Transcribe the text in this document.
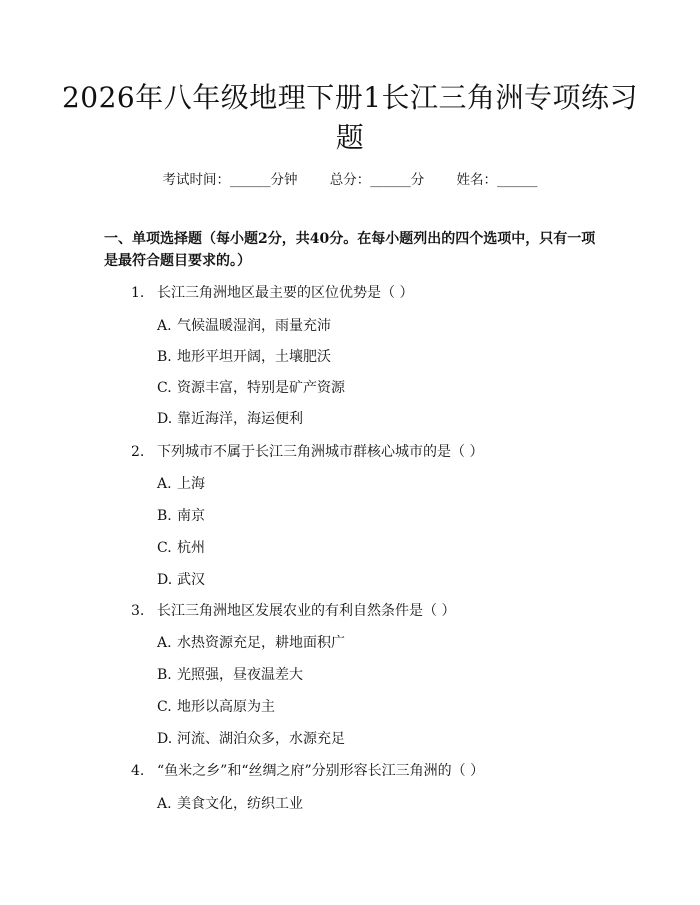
2026年八年级地理下册1长江三角洲专项练习题
考试时间：______分钟 总分：______分 姓名：______
一、单项选择题（每小题2分，共40分。在每小题列出的四个选项中，只有一项是最符合题目要求的。）
1. 长江三角洲地区最主要的区位优势是（ ）
A. 气候温暖湿润，雨量充沛
B. 地形平坦开阔，土壤肥沃
C. 资源丰富，特别是矿产资源
D. 靠近海洋，海运便利
2. 下列城市不属于长江三角洲城市群核心城市的是（ ）
A. 上海
B. 南京
C. 杭州
D. 武汉
3. 长江三角洲地区发展农业的有利自然条件是（ ）
A. 水热资源充足，耕地面积广
B. 光照强，昼夜温差大
C. 地形以高原为主
D. 河流、湖泊众多，水源充足
4. “鱼米之乡”和“丝绸之府”分别形容长江三角洲的（ ）
A. 美食文化，纺织工业
